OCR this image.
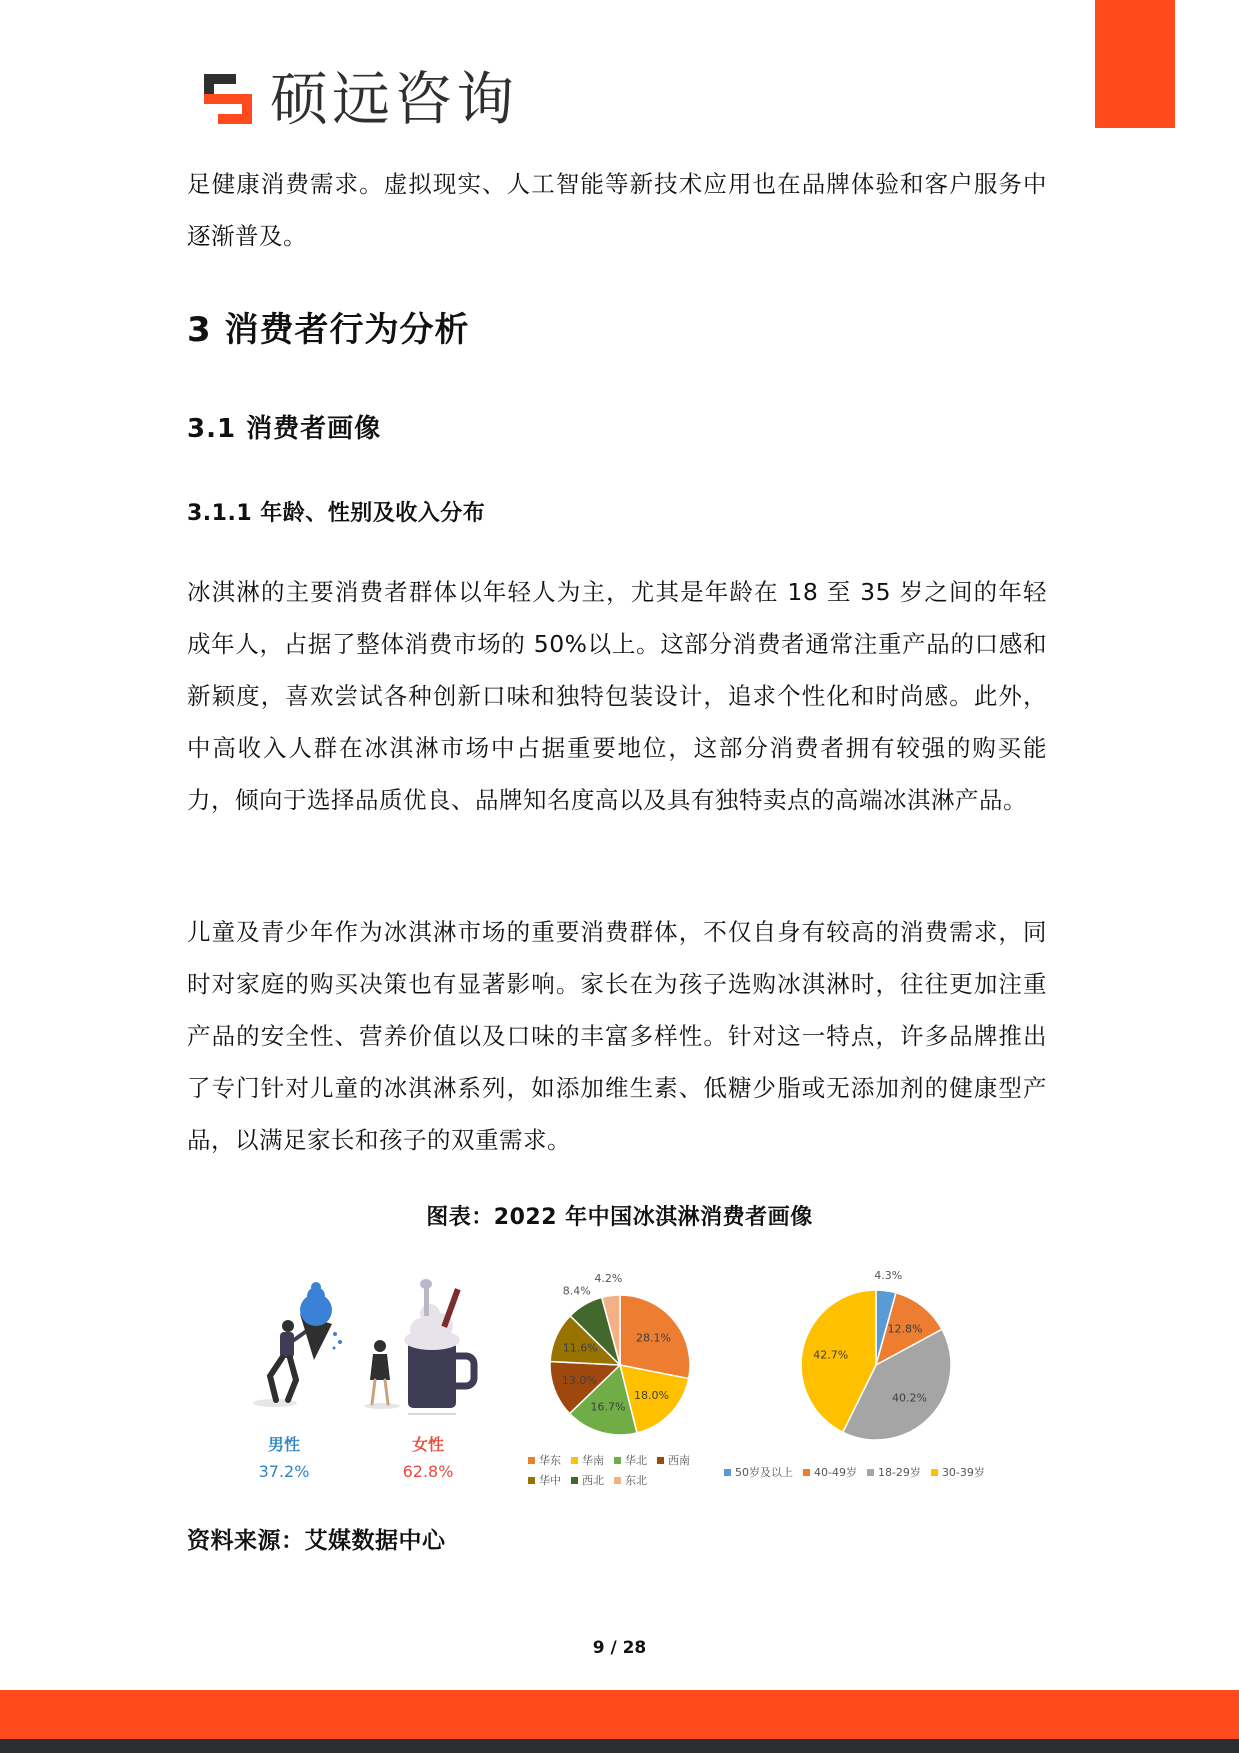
硕远咨询

足健康消费需求。虚拟现实、人工智能等新技术应用也在品牌体验和客户服务中逐渐普及。

3 消费者行为分析
3.1 消费者画像
3.1.1 年龄、性别及收入分布

冰淇淋的主要消费者群体以年轻人为主，尤其是年龄在 18 至 35 岁之间的年轻成年人，占据了整体消费市场的 50%以上。这部分消费者通常注重产品的口感和新颖度，喜欢尝试各种创新口味和独特包装设计，追求个性化和时尚感。此外，中高收入人群在冰淇淋市场中占据重要地位，这部分消费者拥有较强的购买能力，倾向于选择品质优良、品牌知名度高以及具有独特卖点的高端冰淇淋产品。

儿童及青少年作为冰淇淋市场的重要消费群体，不仅自身有较高的消费需求，同时对家庭的购买决策也有显著影响。家长在为孩子选购冰淇淋时，往往更加注重产品的安全性、营养价值以及口味的丰富多样性。针对这一特点，许多品牌推出了专门针对儿童的冰淇淋系列，如添加维生素、低糖少脂或无添加剂的健康型产品，以满足家长和孩子的双重需求。

图表：2022 年中国冰淇淋消费者画像
男性
37.2%
女性
62.8%
28.1%
18.0%
16.7%
13.0%
11.6%
8.4%
4.2%
华东 华南 华北 西南
华中 西北 东北
4.3%
12.8%
40.2%
42.7%
50岁及以上 40-49岁 18-29岁 30-39岁
资料来源：艾媒数据中心
9 / 28
